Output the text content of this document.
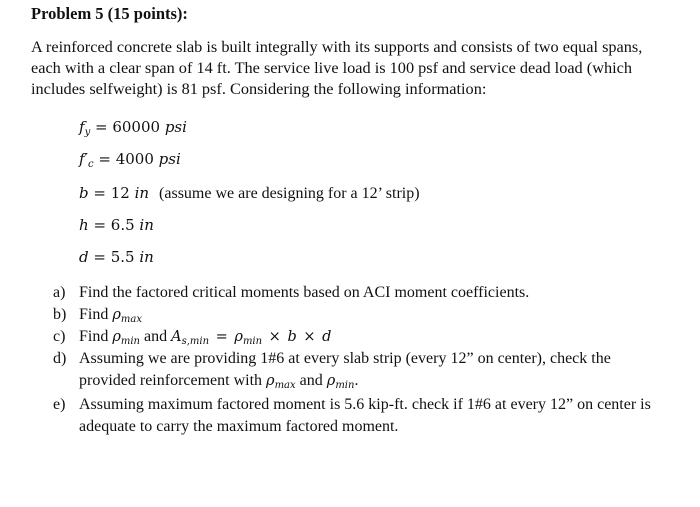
Problem 5 (15 points):
A reinforced concrete slab is built integrally with its supports and consists of two equal spans,
each with a clear span of 14 ft. The service live load is 100 psf and service dead load (which
includes selfweight) is 81 psf. Considering the following information:
$f_y = 60000$ psi
$f'_c = 4000$ psi
b = 12 in (assume we are designing for a 12’ strip)
h = 6.5 in
d = 5.5 in
a) Find the factored critical moments based on ACI moment coefficients.
b) Find $\rho_{max}$
c) Find $\rho_{min}$ and $A_{s,min} = \rho_{min} \times b \times d$
d) Assuming we are providing 1#6 at every slab strip (every 12” on center), check the
provided reinforcement with $\rho_{max}$ and $\rho_{min}$.
e) Assuming maximum factored moment is 5.6 kip-ft. check if 1#6 at every 12” on center is
adequate to carry the maximum factored moment.
